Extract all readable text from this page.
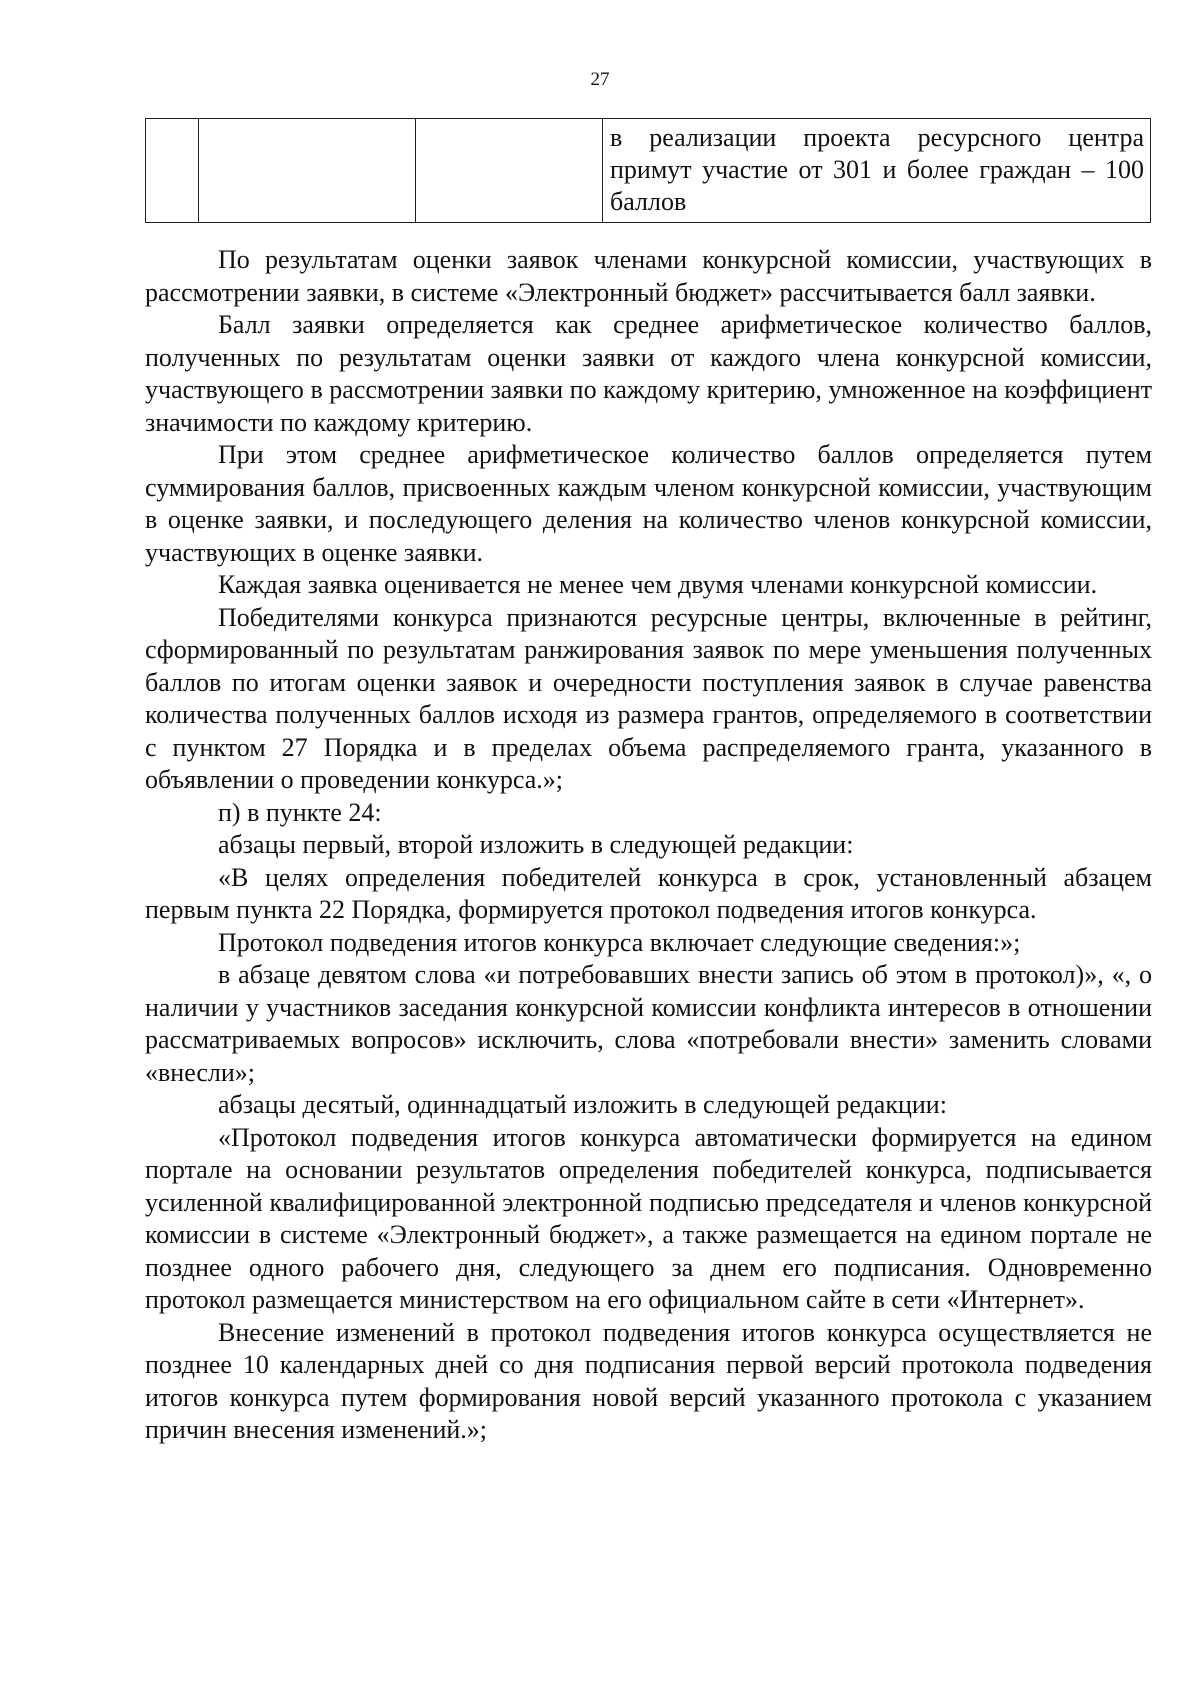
27

в реализации проекта ресурсного центра примут участие от 301 и более граждан – 100 баллов

По результатам оценки заявок членами конкурсной комиссии, участвующих в рассмотрении заявки, в системе «Электронный бюджет» рассчитывается балл заявки.

Балл заявки определяется как среднее арифметическое количество баллов, полученных по результатам оценки заявки от каждого члена конкурсной комиссии, участвующего в рассмотрении заявки по каждому критерию, умноженное на коэффициент значимости по каждому критерию.

При этом среднее арифметическое количество баллов определяется путем суммирования баллов, присвоенных каждым членом конкурсной комиссии, участвующим в оценке заявки, и последующего деления на количество членов конкурсной комиссии, участвующих в оценке заявки.

Каждая заявка оценивается не менее чем двумя членами конкурсной комиссии.

Победителями конкурса признаются ресурсные центры, включенные в рейтинг, сформированный по результатам ранжирования заявок по мере уменьшения полученных баллов по итогам оценки заявок и очередности поступления заявок в случае равенства количества полученных баллов исходя из размера грантов, определяемого в соответствии с пунктом 27 Порядка и в пределах объема распределяемого гранта, указанного в объявлении о проведении конкурса.»;

п) в пункте 24:

абзацы первый, второй изложить в следующей редакции:

«В целях определения победителей конкурса в срок, установленный абзацем первым пункта 22 Порядка, формируется протокол подведения итогов конкурса.

Протокол подведения итогов конкурса включает следующие сведения:»;

в абзаце девятом слова «и потребовавших внести запись об этом в протокол)», «, о наличии у участников заседания конкурсной комиссии конфликта интересов в отношении рассматриваемых вопросов» исключить, слова «потребовали внести» заменить словами «внесли»;

абзацы десятый, одиннадцатый изложить в следующей редакции:

«Протокол подведения итогов конкурса автоматически формируется на едином портале на основании результатов определения победителей конкурса, подписывается усиленной квалифицированной электронной подписью председателя и членов конкурсной комиссии в системе «Электронный бюджет», а также размещается на едином портале не позднее одного рабочего дня, следующего за днем его подписания. Одновременно протокол размещается министерством на его официальном сайте в сети «Интернет».

Внесение изменений в протокол подведения итогов конкурса осуществляется не позднее 10 календарных дней со дня подписания первой версий протокола подведения итогов конкурса путем формирования новой версий указанного протокола с указанием причин внесения изменений.»;
